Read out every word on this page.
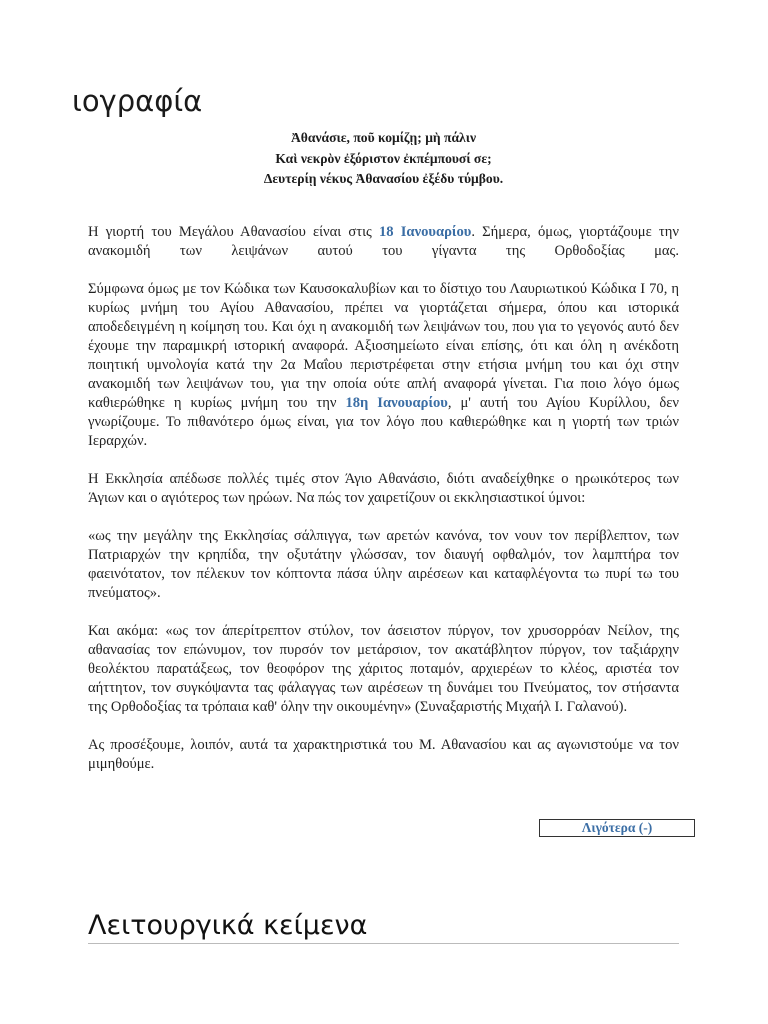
ιογραφία
Ἀθανάσιε, ποῦ κομίζῃ; μὴ πάλιν
Καὶ νεκρὸν ἐξόριστον ἐκπέμπουσί σε;
Δευτερίῃ νέκυς Ἀθανασίου ἐξέδυ τύμβου.

Η γιορτή του Μεγάλου Αθανασίου είναι στις 18 Ιανουαρίου. Σήμερα, όμως, γιορτάζουμε την ανακομιδή των λειψάνων αυτού του γίγαντα της Ορθοδοξίας μας.

Σύμφωνα όμως με τον Κώδικα των Καυσοκαλυβίων και το δίστιχο του Λαυριωτικού Κώδικα Ι 70, η κυρίως μνήμη του Αγίου Αθανασίου, πρέπει να γιορτάζεται σήμερα, όπου και ιστορικά αποδεδειγμένη η κοίμηση του. Και όχι η ανακομιδή των λειψάνων του, που για το γεγονός αυτό δεν έχουμε την παραμικρή ιστορική αναφορά. Αξιοσημείωτο είναι επίσης, ότι και όλη η ανέκδοτη ποιητική υμνολογία κατά την 2α Μαΐου περιστρέφεται στην ετήσια μνήμη του και όχι στην ανακομιδή των λειψάνων του, για την οποία ούτε απλή αναφορά γίνεται. Για ποιο λόγο όμως καθιερώθηκε η κυρίως μνήμη του την 18η Ιανουαρίου, μ' αυτή του Αγίου Κυρίλλου, δεν γνωρίζουμε. Το πιθανότερο όμως είναι, για τον λόγο που καθιερώθηκε και η γιορτή των τριών Ιεραρχών.

Η Εκκλησία απέδωσε πολλές τιμές στον Άγιο Αθανάσιο, διότι αναδείχθηκε ο ηρωικότερος των Άγιων και ο αγιότερος των ηρώων. Να πώς τον χαιρετίζουν οι εκκλησιαστικοί ύμνοι:

«ως την μεγάλην της Εκκλησίας σάλπιγγα, των αρετών κανόνα, τον νουν τον περίβλεπτον, των Πατριαρχών την κρηπίδα, την οξυτάτην γλώσσαν, τον διαυγή οφθαλμόν, τον λαμπτήρα τον φαεινότατον, τον πέλεκυν τον κόπτοντα πάσα ύλην αιρέσεων και καταφλέγοντα τω πυρί τω του πνεύματος».

Και ακόμα: «ως τον άπερίτρεπτον στύλον, τον άσειστον πύργον, τον χρυσορρόαν Νείλον, της αθανασίας τον επώνυμον, τον πυρσόν τον μετάρσιον, τον ακατάβλητον πύργον, τον ταξιάρχην θεολέκτου παρατάξεως, τον θεοφόρον της χάριτος ποταμόν, αρχιερέων το κλέος, αριστέα τον αήττητον, τον συγκόψαντα τας φάλαγγας των αιρέσεων τη δυνάμει του Πνεύματος, τον στήσαντα της Ορθοδοξίας τα τρόπαια καθ' όλην την οικουμένην» (Συναξαριστής Μιχαήλ Ι. Γαλανού).

Ας προσέξουμε, λοιπόν, αυτά τα χαρακτηριστικά του Μ. Αθανασίου και ας αγωνιστούμε να τον μιμηθούμε.

Λιγότερα (-)
Λειτουργικά κείμενα
